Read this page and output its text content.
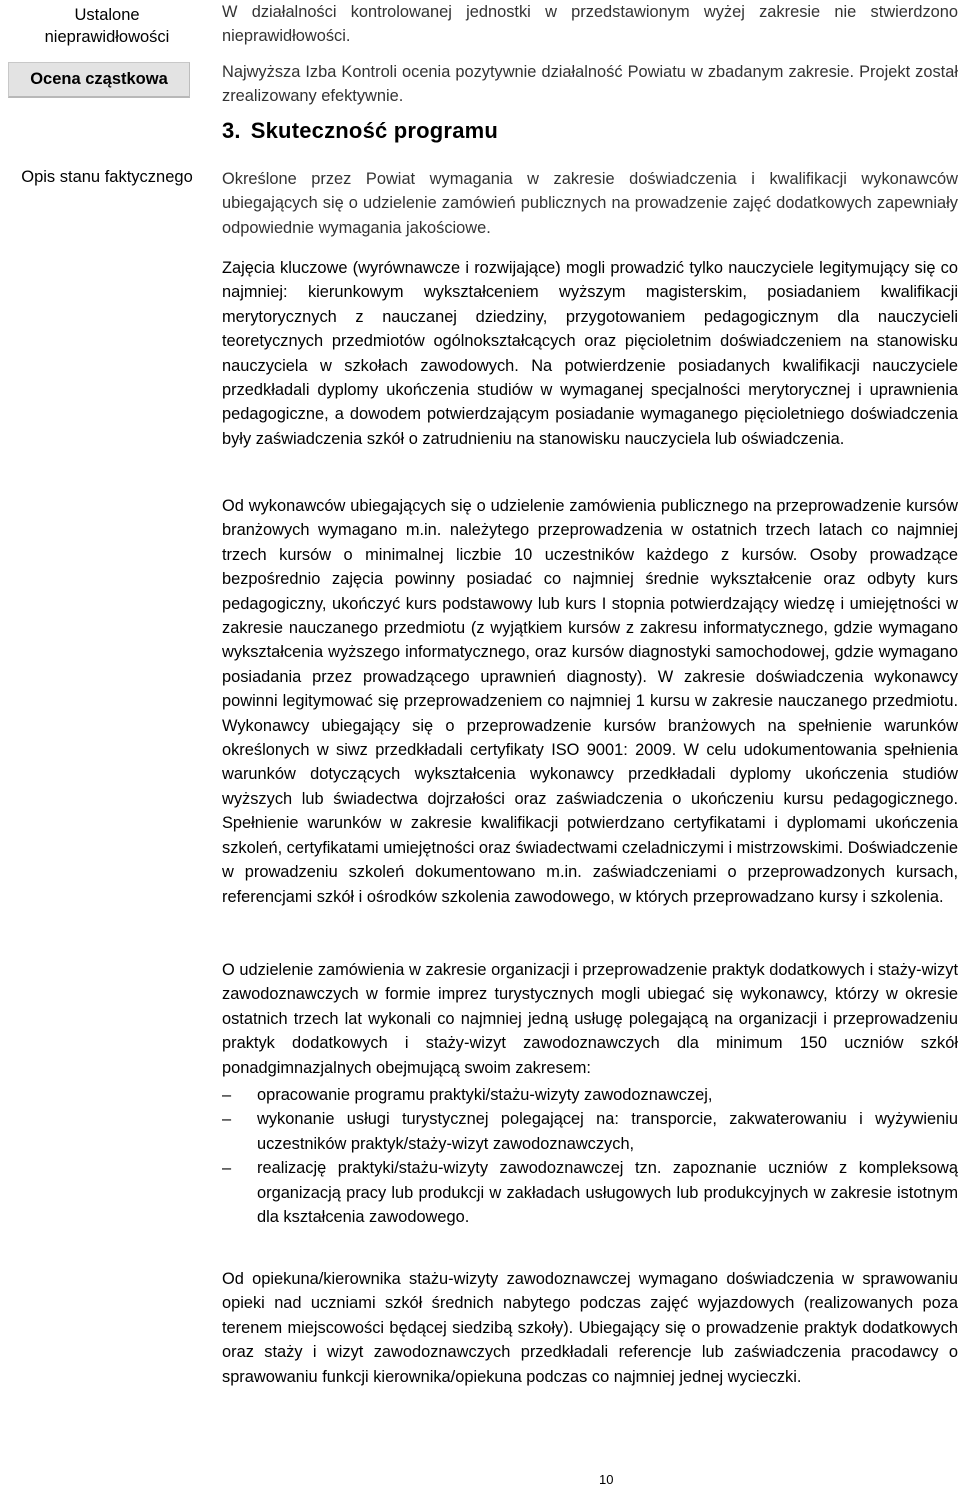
Ustalone nieprawidłowości
Ocena cząstkowa
Opis stanu faktycznego
W działalności kontrolowanej jednostki w przedstawionym wyżej zakresie nie stwierdzono nieprawidłowości.
Najwyższa Izba Kontroli ocenia pozytywnie działalność Powiatu w zbadanym zakresie. Projekt został zrealizowany efektywnie.
3. Skuteczność programu
Określone przez Powiat wymagania w zakresie doświadczenia i kwalifikacji wykonawców ubiegających się o udzielenie zamówień publicznych na prowadzenie zajęć dodatkowych zapewniały odpowiednie wymagania jakościowe.
Zajęcia kluczowe (wyrównawcze i rozwijające) mogli prowadzić tylko nauczyciele legitymujący się co najmniej: kierunkowym wykształceniem wyższym magisterskim, posiadaniem kwalifikacji merytorycznych z nauczanej dziedziny, przygotowaniem pedagogicznym dla nauczycieli teoretycznych przedmiotów ogólnokształcących oraz pięcioletnim doświadczeniem na stanowisku nauczyciela w szkołach zawodowych. Na potwierdzenie posiadanych kwalifikacji nauczyciele przedkładali dyplomy ukończenia studiów w wymaganej specjalności merytorycznej i uprawnienia pedagogiczne, a dowodem potwierdzającym posiadanie wymaganego pięcioletniego doświadczenia były zaświadczenia szkół o zatrudnieniu na stanowisku nauczyciela lub oświadczenia.
Od wykonawców ubiegających się o udzielenie zamówienia publicznego na przeprowadzenie kursów branżowych wymagano m.in. należytego przeprowadzenia w ostatnich trzech latach co najmniej trzech kursów o minimalnej liczbie 10 uczestników każdego z kursów. Osoby prowadzące bezpośrednio zajęcia powinny posiadać co najmniej średnie wykształcenie oraz odbyty kurs pedagogiczny, ukończyć kurs podstawowy lub kurs I stopnia potwierdzający wiedzę i umiejętności w zakresie nauczanego przedmiotu (z wyjątkiem kursów z zakresu informatycznego, gdzie wymagano wykształcenia wyższego informatycznego, oraz kursów diagnostyki samochodowej, gdzie wymagano posiadania przez prowadzącego uprawnień diagnosty). W zakresie doświadczenia wykonawcy powinni legitymować się przeprowadzeniem co najmniej 1 kursu w zakresie nauczanego przedmiotu. Wykonawcy ubiegający się o przeprowadzenie kursów branżowych na spełnienie warunków określonych w siwz przedkładali certyfikaty ISO 9001: 2009. W celu udokumentowania spełnienia warunków dotyczących wykształcenia wykonawcy przedkładali dyplomy ukończenia studiów wyższych lub świadectwa dojrzałości oraz zaświadczenia o ukończeniu kursu pedagogicznego. Spełnienie warunków w zakresie kwalifikacji potwierdzano certyfikatami i dyplomami ukończenia szkoleń, certyfikatami umiejętności oraz świadectwami czeladniczymi i mistrzowskimi. Doświadczenie w prowadzeniu szkoleń dokumentowano m.in. zaświadczeniami o przeprowadzonych kursach, referencjami szkół i ośrodków szkolenia zawodowego, w których przeprowadzano kursy i szkolenia.
O udzielenie zamówienia w zakresie organizacji i przeprowadzenie praktyk dodatkowych i staży-wizyt zawodoznawczych w formie imprez turystycznych mogli ubiegać się wykonawcy, którzy w okresie ostatnich trzech lat wykonali co najmniej jedną usługę polegającą na organizacji i przeprowadzeniu praktyk dodatkowych i staży-wizyt zawodoznawczych dla minimum 150 uczniów szkół ponadgimnazjalnych obejmującą swoim zakresem:
–	opracowanie programu praktyki/stażu-wizyty zawodoznawczej,
–	wykonanie usługi turystycznej polegającej na: transporcie, zakwaterowaniu i wyżywieniu uczestników praktyk/staży-wizyt zawodoznawczych,
–	realizację praktyki/stażu-wizyty zawodoznawczej tzn. zapoznanie uczniów z kompleksową organizacją pracy lub produkcji w zakładach usługowych lub produkcyjnych w zakresie istotnym dla kształcenia zawodowego.
Od opiekuna/kierownika stażu-wizyty zawodoznawczej wymagano doświadczenia w sprawowaniu opieki nad uczniami szkół średnich nabytego podczas zajęć wyjazdowych (realizowanych poza terenem miejscowości będącej siedzibą szkoły). Ubiegający się o prowadzenie praktyk dodatkowych oraz staży i wizyt zawodoznawczych przedkładali referencje lub zaświadczenia pracodawcy o sprawowaniu funkcji kierownika/opiekuna podczas co najmniej jednej wycieczki.
10
